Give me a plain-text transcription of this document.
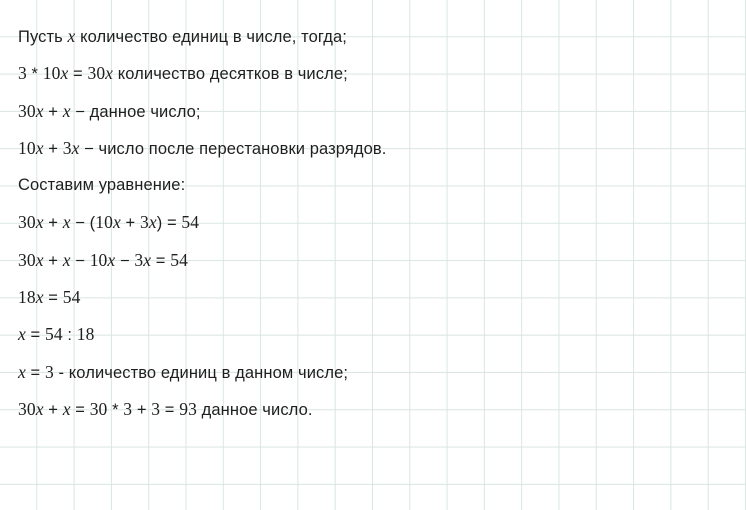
Пусть x количество единиц в числе, тогда;
3 * 10x = 30x количество десятков в числе;
30x + x − данное число;
10x + 3x − число после перестановки разрядов.
Составим уравнение:
30x + x − (10x + 3x) = 54
30x + x − 10x − 3x = 54
18x = 54
x = 54 : 18
x = 3 - количество единиц в данном числе;
30x + x = 30 * 3 + 3 = 93 данное число.
